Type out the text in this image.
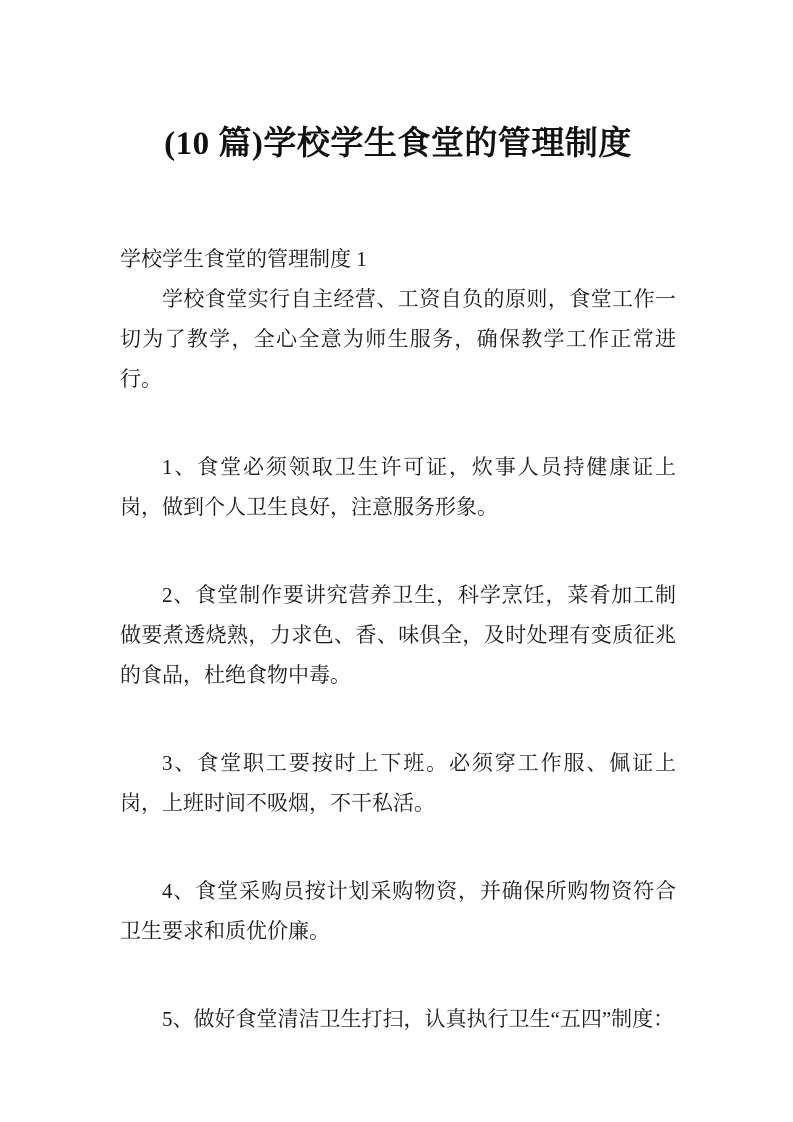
(10 篇)学校学生食堂的管理制度

学校学生食堂的管理制度 1

学校食堂实行自主经营、工资自负的原则，食堂工作一切为了教学，全心全意为师生服务，确保教学工作正常进行。

1、食堂必须领取卫生许可证，炊事人员持健康证上岗，做到个人卫生良好，注意服务形象。

2、食堂制作要讲究营养卫生，科学烹饪，菜肴加工制做要煮透烧熟，力求色、香、味俱全，及时处理有变质征兆的食品，杜绝食物中毒。

3、食堂职工要按时上下班。必须穿工作服、佩证上岗，上班时间不吸烟，不干私活。

4、食堂采购员按计划采购物资，并确保所购物资符合卫生要求和质优价廉。

5、做好食堂清洁卫生打扫，认真执行卫生“五四”制度：
